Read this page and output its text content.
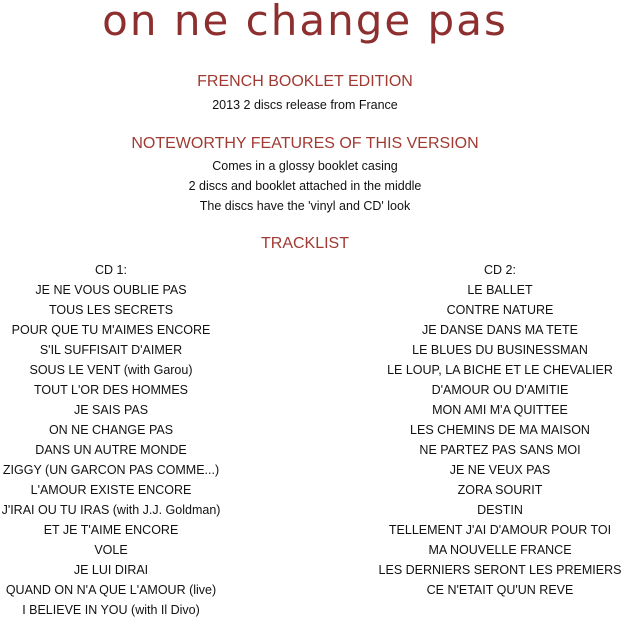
on ne change pas
FRENCH BOOKLET EDITION
2013 2 discs release from France
NOTEWORTHY FEATURES OF THIS VERSION
Comes in a glossy booklet casing
2 discs and booklet attached in the middle
The discs have the 'vinyl and CD' look
TRACKLIST
CD 1:
JE NE VOUS OUBLIE PAS
TOUS LES SECRETS
POUR QUE TU M'AIMES ENCORE
S'IL SUFFISAIT D'AIMER
SOUS LE VENT (with Garou)
TOUT L'OR DES HOMMES
JE SAIS PAS
ON NE CHANGE PAS
DANS UN AUTRE MONDE
ZIGGY (UN GARCON PAS COMME...)
L'AMOUR EXISTE ENCORE
J'IRAI OU TU IRAS (with J.J. Goldman)
ET JE T'AIME ENCORE
VOLE
JE LUI DIRAI
QUAND ON N'A QUE L'AMOUR (live)
I BELIEVE IN YOU (with Il Divo)
CD 2:
LE BALLET
CONTRE NATURE
JE DANSE DANS MA TETE
LE BLUES DU BUSINESSMAN
LE LOUP, LA BICHE ET LE CHEVALIER
D'AMOUR OU D'AMITIE
MON AMI M'A QUITTEE
LES CHEMINS DE MA MAISON
NE PARTEZ PAS SANS MOI
JE NE VEUX PAS
ZORA SOURIT
DESTIN
TELLEMENT J'AI D'AMOUR POUR TOI
MA NOUVELLE FRANCE
LES DERNIERS SERONT LES PREMIERS
CE N'ETAIT QU'UN REVE
